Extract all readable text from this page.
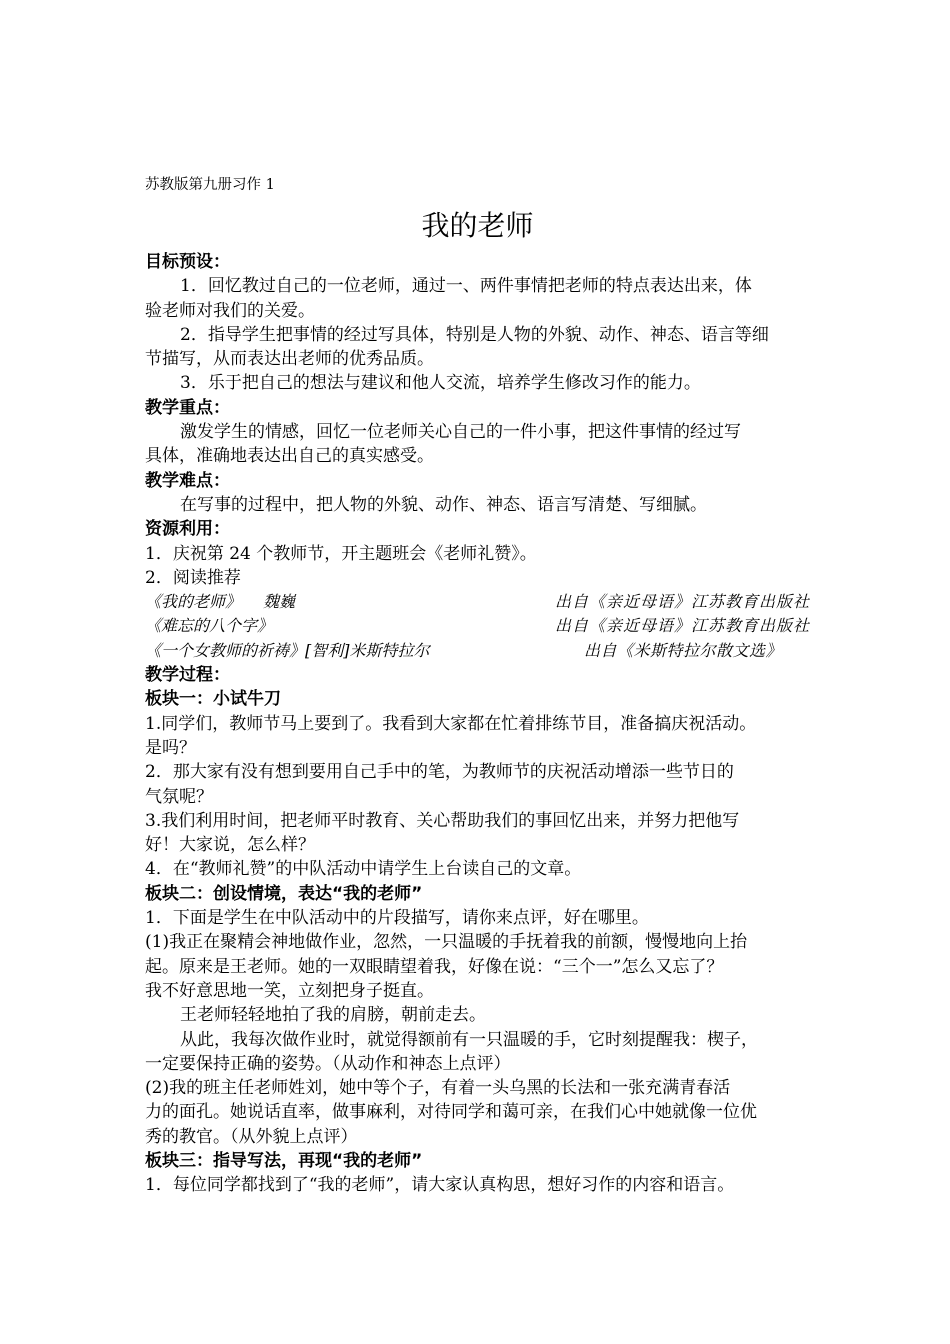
苏教版第九册习作 1
我的老师
目标预设：
1．回忆教过自己的一位老师，通过一、两件事情把老师的特点表达出来，体
验老师对我们的关爱。
2．指导学生把事情的经过写具体，特别是人物的外貌、动作、神态、语言等细
节描写，从而表达出老师的优秀品质。
3．乐于把自己的想法与建议和他人交流，培养学生修改习作的能力。
教学重点：
激发学生的情感，回忆一位老师关心自己的一件小事，把这件事情的经过写
具体，准确地表达出自己的真实感受。
教学难点：
在写事的过程中，把人物的外貌、动作、神态、语言写清楚、写细腻。
资源利用：
1．庆祝第 24 个教师节，开主题班会《老师礼赞》。
2．阅读推荐
《我的老师》 魏巍	出自《亲近母语》江苏教育出版社
《难忘的八个字》	出自《亲近母语》江苏教育出版社
《一个女教师的祈祷》[智利]米斯特拉尔	出自《米斯特拉尔散文选》
教学过程：
板块一：小试牛刀
1.同学们，教师节马上要到了。我看到大家都在忙着排练节目，准备搞庆祝活动。
是吗？
2．那大家有没有想到要用自己手中的笔，为教师节的庆祝活动增添一些节日的
气氛呢？
3.我们利用时间，把老师平时教育、关心帮助我们的事回忆出来，并努力把他写
好！大家说，怎么样？
4．在“教师礼赞”的中队活动中请学生上台读自己的文章。
板块二：创设情境，表达“我的老师”
1．下面是学生在中队活动中的片段描写，请你来点评，好在哪里。
(1)我正在聚精会神地做作业，忽然，一只温暖的手抚着我的前额，慢慢地向上抬
起。原来是王老师。她的一双眼睛望着我，好像在说：“三个一”怎么又忘了？
我不好意思地一笑，立刻把身子挺直。
王老师轻轻地拍了我的肩膀，朝前走去。
从此，我每次做作业时，就觉得额前有一只温暖的手，它时刻提醒我：楔子，
一定要保持正确的姿势。（从动作和神态上点评）
(2)我的班主任老师姓刘，她中等个子，有着一头乌黑的长法和一张充满青春活
力的面孔。她说话直率，做事麻利，对待同学和蔼可亲，在我们心中她就像一位优
秀的教官。（从外貌上点评）
板块三：指导写法，再现“我的老师”
1．每位同学都找到了“我的老师”，请大家认真构思，想好习作的内容和语言。
